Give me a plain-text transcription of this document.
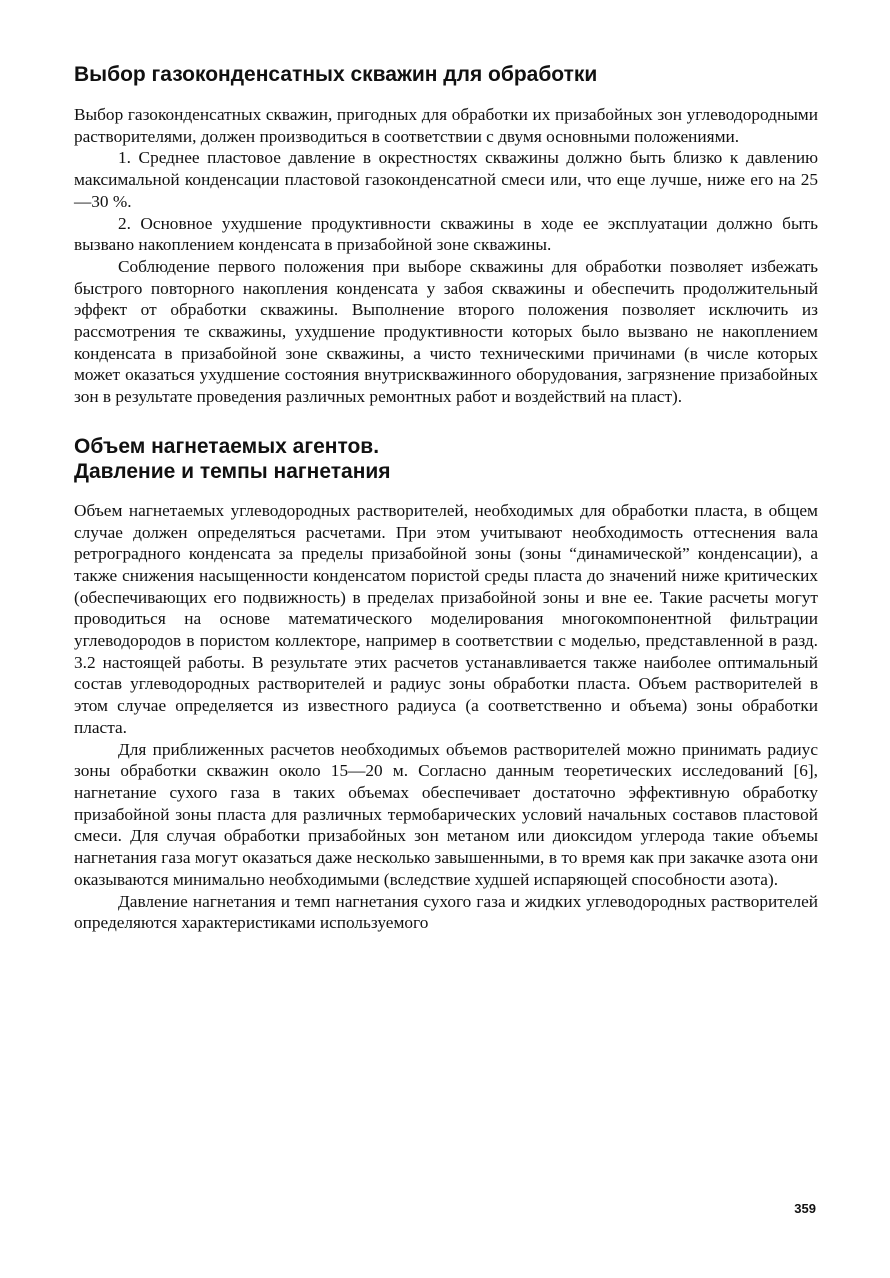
Выбор газоконденсатных скважин для обработки

Выбор газоконденсатных скважин, пригодных для обработки их призабойных зон углеводородными растворителями, должен производиться в соответствии с двумя основными положениями.

1. Среднее пластовое давление в окрестностях скважины должно быть близко к давлению максимальной конденсации пластовой газоконденсатной смеси или, что еще лучше, ниже его на 25—30 %.

2. Основное ухудшение продуктивности скважины в ходе ее эксплуатации должно быть вызвано накоплением конденсата в призабойной зоне скважины.

Соблюдение первого положения при выборе скважины для обработки позволяет избежать быстрого повторного накопления конденсата у забоя скважины и обеспечить продолжительный эффект от обработки скважины. Выполнение второго положения позволяет исключить из рассмотрения те скважины, ухудшение продуктивности которых было вызвано не накоплением конденсата в призабойной зоне скважины, а чисто техническими причинами (в числе которых может оказаться ухудшение состояния внутрискважинного оборудования, загрязнение призабойных зон в результате проведения различных ремонтных работ и воздействий на пласт).

Объем нагнетаемых агентов.
Давление и темпы нагнетания

Объем нагнетаемых углеводородных растворителей, необходимых для обработки пласта, в общем случае должен определяться расчетами. При этом учитывают необходимость оттеснения вала ретроградного конденсата за пределы призабойной зоны (зоны “динамической” конденсации), а также снижения насыщенности конденсатом пористой среды пласта до значений ниже критических (обеспечивающих его подвижность) в пределах призабойной зоны и вне ее. Такие расчеты могут проводиться на основе математического моделирования многокомпонентной фильтрации углеводородов в пористом коллекторе, например в соответствии с моделью, представленной в разд. 3.2 настоящей работы. В результате этих расчетов устанавливается также наиболее оптимальный состав углеводородных растворителей и радиус зоны обработки пласта. Объем растворителей в этом случае определяется из известного радиуса (а соответственно и объема) зоны обработки пласта.

Для приближенных расчетов необходимых объемов растворителей можно принимать радиус зоны обработки скважин около 15—20 м. Согласно данным теоретических исследований [6], нагнетание сухого газа в таких объемах обеспечивает достаточно эффективную обработку призабойной зоны пласта для различных термобарических условий начальных составов пластовой смеси. Для случая обработки призабойных зон метаном или диоксидом углерода такие объемы нагнетания газа могут оказаться даже несколько завышенными, в то время как при закачке азота они оказываются минимально необходимыми (вследствие худшей испаряющей способности азота).

Давление нагнетания и темп нагнетания сухого газа и жидких углеводородных растворителей определяются характеристиками используемого

359
